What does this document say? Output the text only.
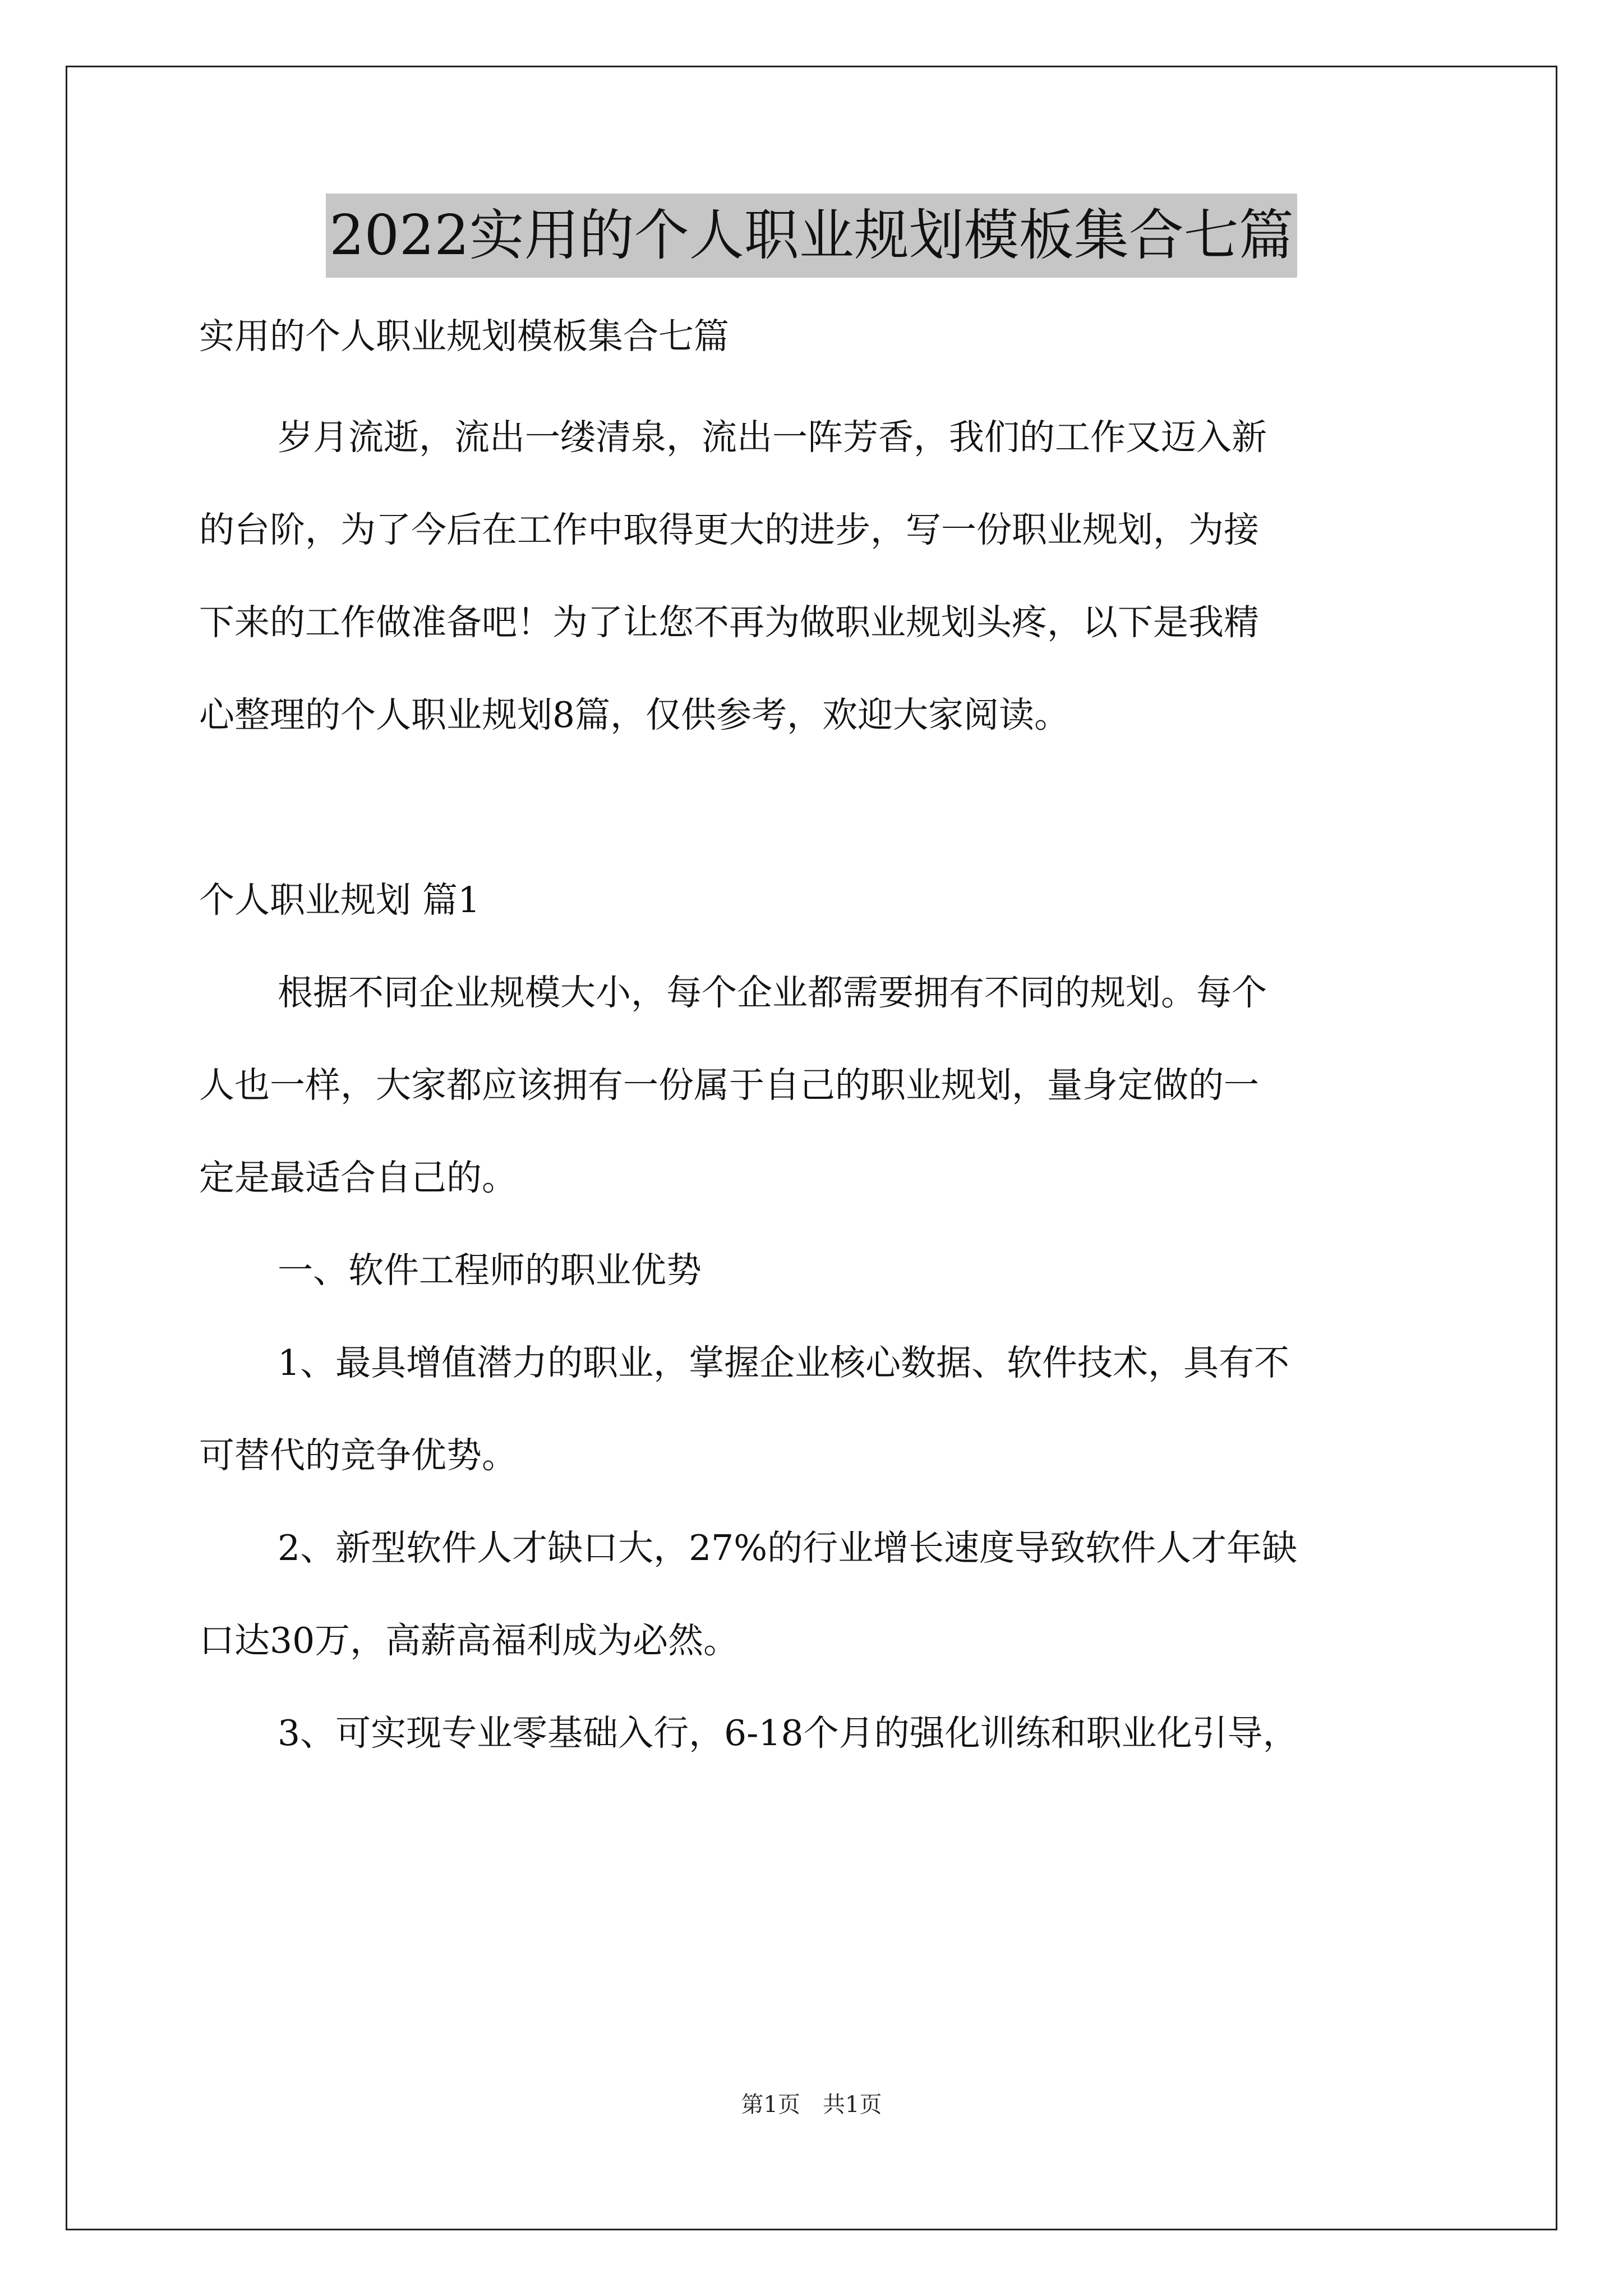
2022实用的个人职业规划模板集合七篇
实用的个人职业规划模板集合七篇
岁月流逝，流出一缕清泉，流出一阵芳香，我们的工作又迈入新
的台阶，为了今后在工作中取得更大的进步，写一份职业规划，为接
下来的工作做准备吧！为了让您不再为做职业规划头疼，以下是我精
心整理的个人职业规划8篇，仅供参考，欢迎大家阅读。
个人职业规划 篇1
根据不同企业规模大小，每个企业都需要拥有不同的规划。每个
人也一样，大家都应该拥有一份属于自己的职业规划，量身定做的一
定是最适合自己的。
一、软件工程师的职业优势
1、最具增值潜力的职业，掌握企业核心数据、软件技术，具有不
可替代的竞争优势。
2、新型软件人才缺口大，27%的行业增长速度导致软件人才年缺
口达30万，高薪高福利成为必然。
3、可实现专业零基础入行，6-18个月的强化训练和职业化引导，
第1页　共1页
